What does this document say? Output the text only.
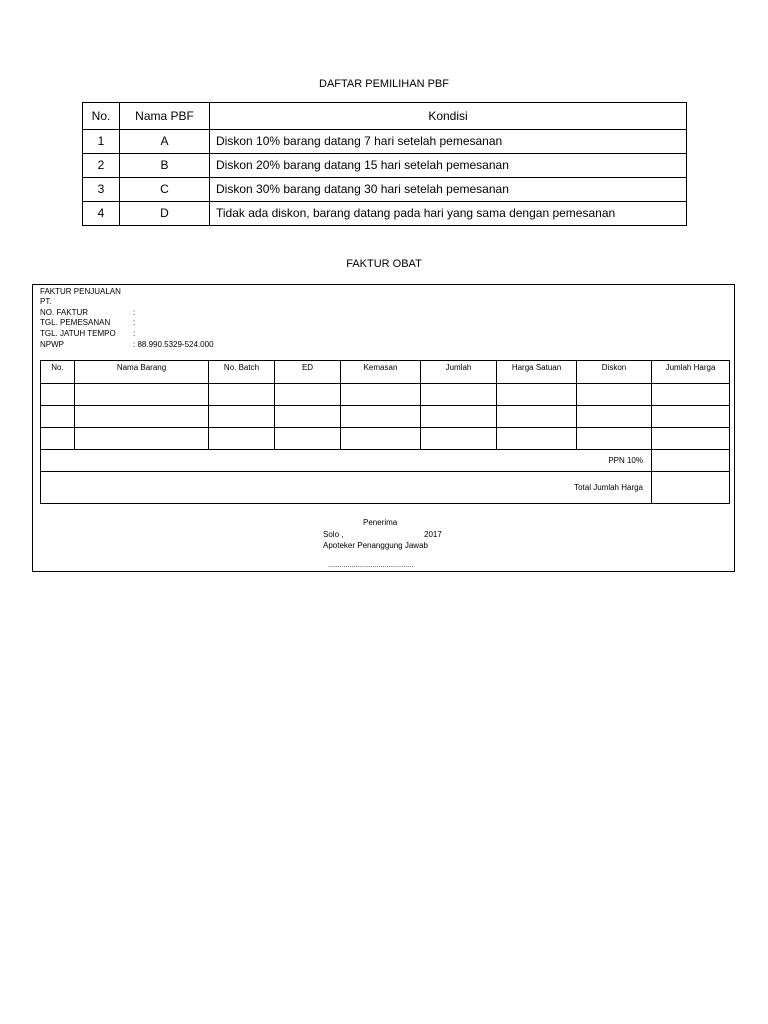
DAFTAR PEMILIHAN PBF
No.	Nama PBF	Kondisi
1	A	Diskon 10% barang datang 7 hari setelah pemesanan
2	B	Diskon 20% barang datang 15 hari setelah pemesanan
3	C	Diskon 30% barang datang 30 hari setelah pemesanan
4	D	Tidak ada diskon, barang datang pada hari yang sama dengan pemesanan
FAKTUR OBAT
FAKTUR PENJUALAN
PT.
NO. FAKTUR	:
TGL. PEMESANAN	:
TGL. JATUH TEMPO :
NPWP	: 88.990.5329-524.000
No.	Nama Barang	No. Batch	ED	Kemasan	Jumlah	Harga Satuan	Diskon	Jumlah Harga

PPN 10%								
Total Jumlah Harga								
Penerima
Solo ,	2017
Apoteker Penanggung Jawab
............................................
